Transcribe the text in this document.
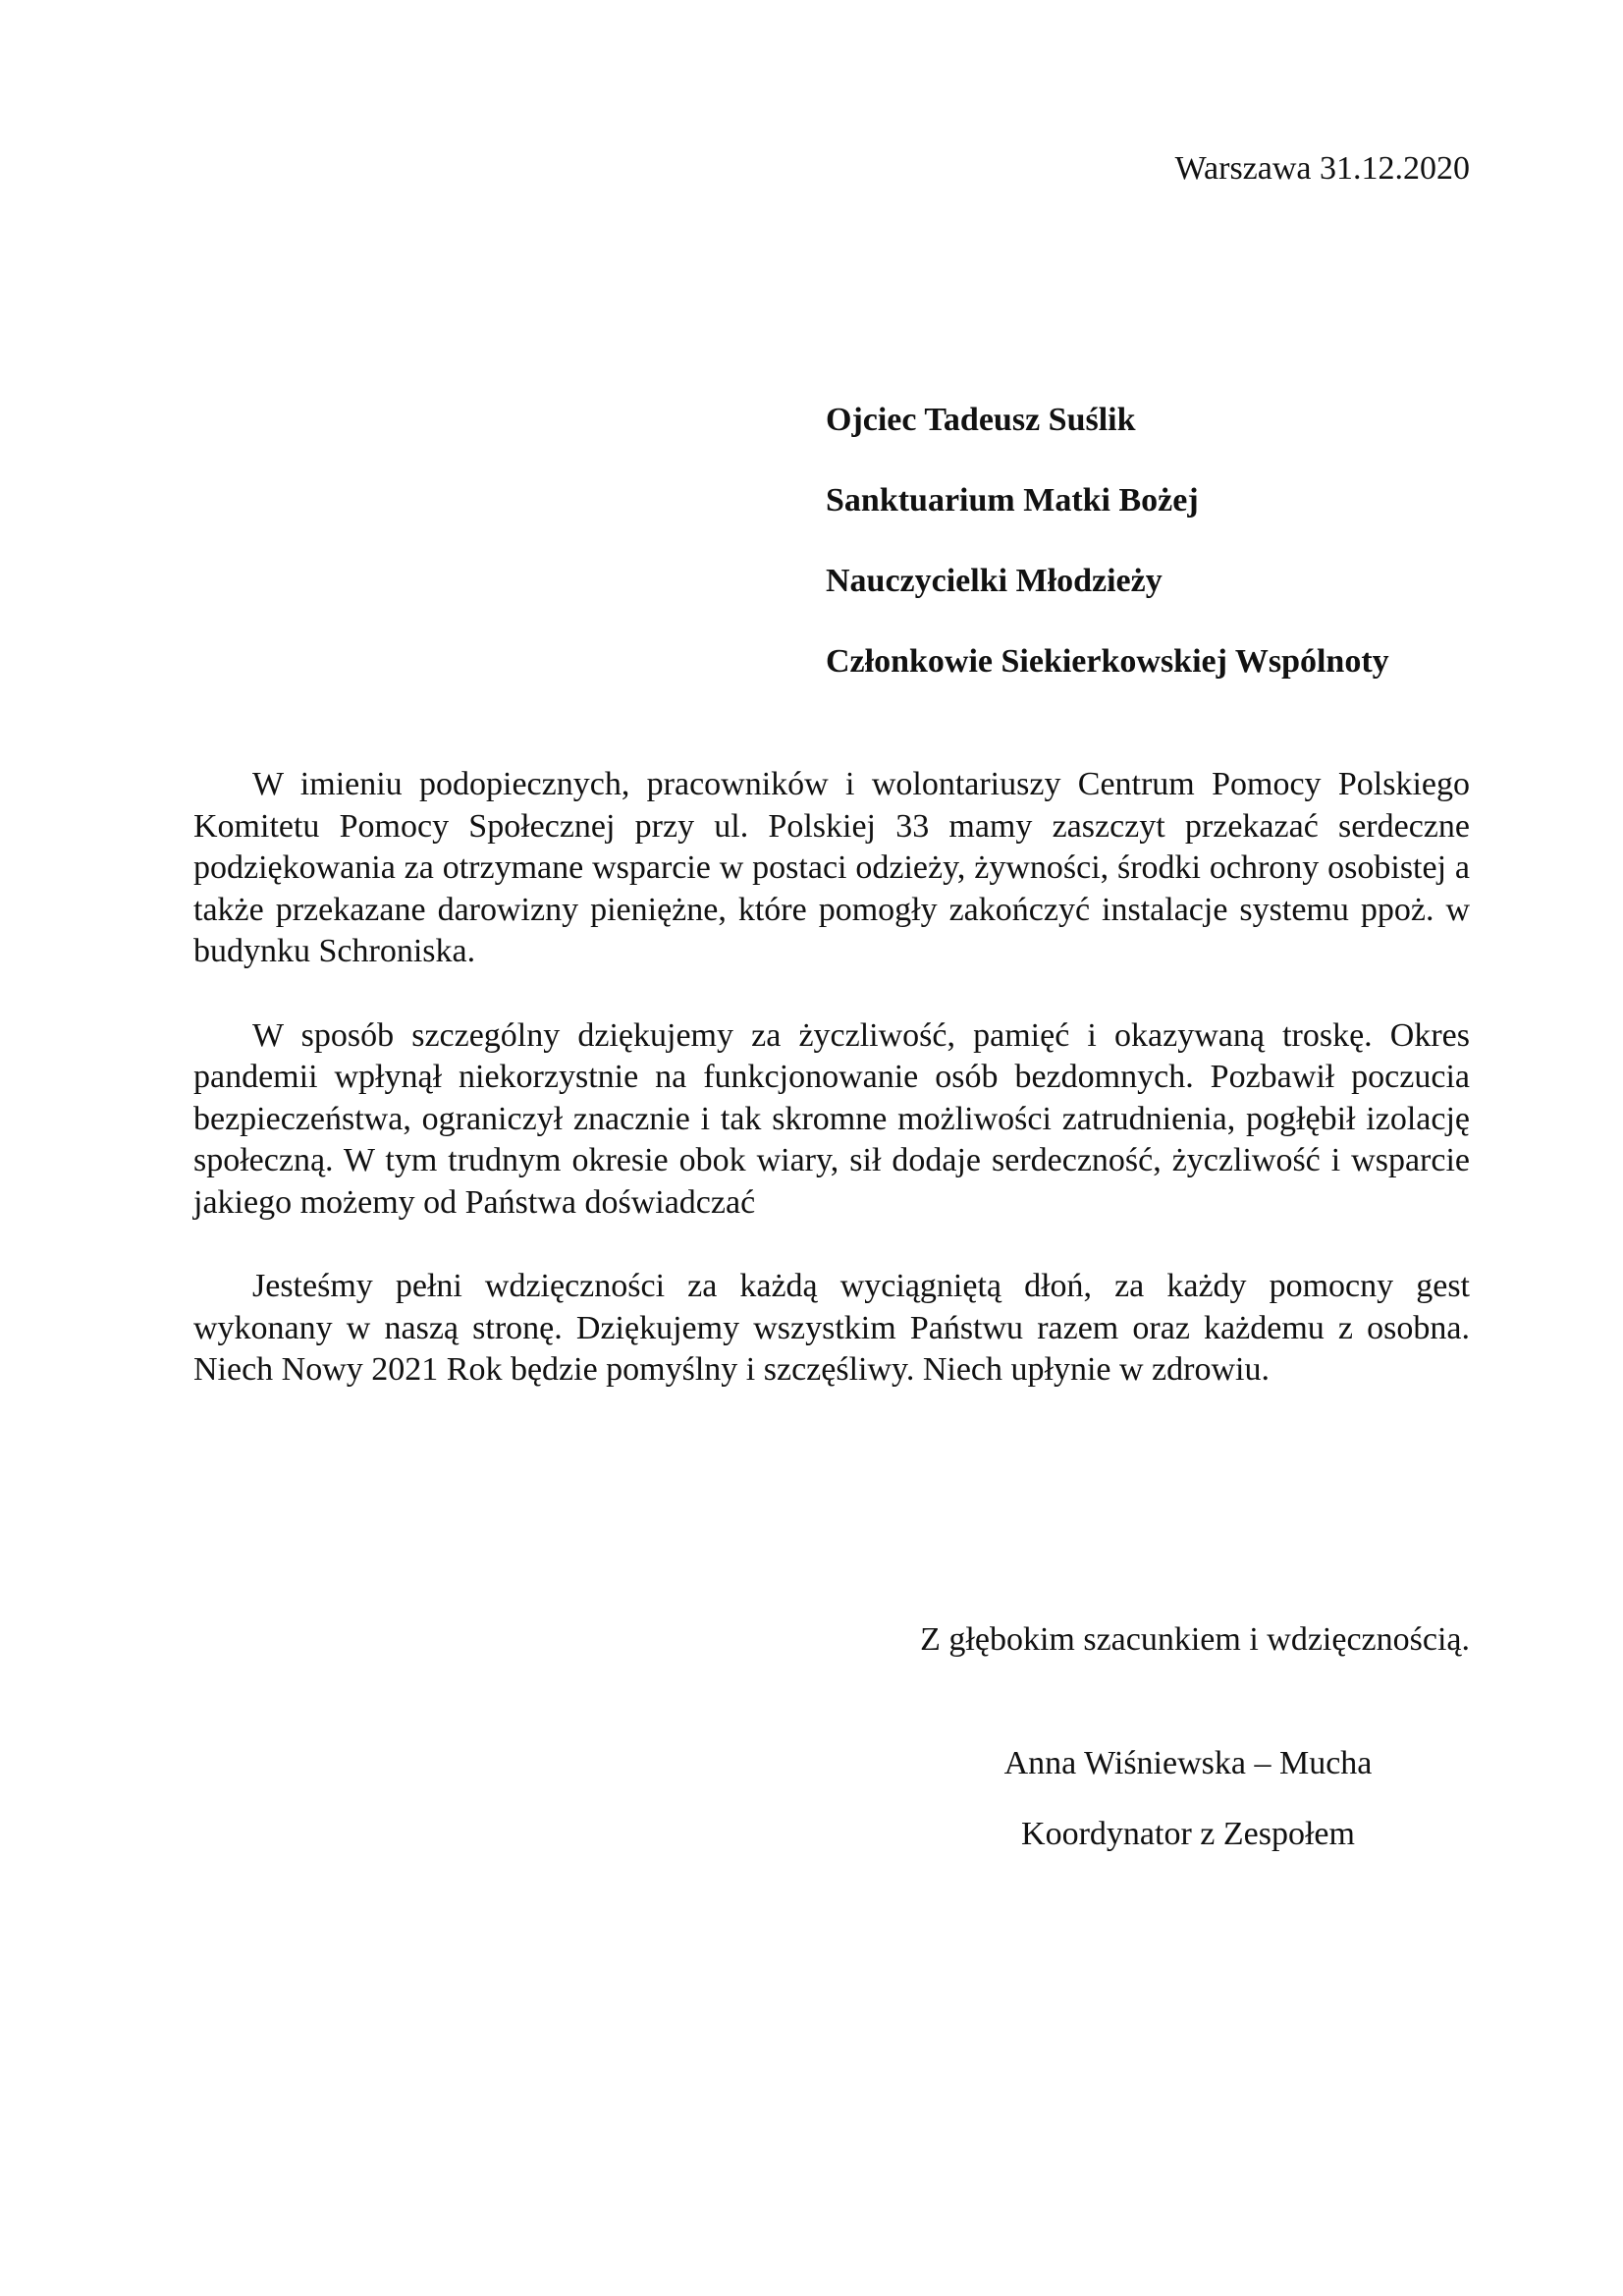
Warszawa 31.12.2020
Ojciec Tadeusz Suślik
Sanktuarium Matki Bożej
Nauczycielki Młodzieży
Członkowie Siekierkowskiej Wspólnoty

W imieniu podopiecznych, pracowników i wolontariuszy Centrum Pomocy Polskiego Komitetu Pomocy Społecznej przy ul. Polskiej 33 mamy zaszczyt przekazać serdeczne podziękowania za otrzymane wsparcie w postaci odzieży, żywności, środki ochrony osobistej a także przekazane darowizny pieniężne, które pomogły zakończyć instalacje systemu ppoż. w budynku Schroniska.

W sposób szczególny dziękujemy za życzliwość, pamięć i okazywaną troskę. Okres pandemii wpłynął niekorzystnie na funkcjonowanie osób bezdomnych. Pozbawił poczucia bezpieczeństwa, ograniczył znacznie i tak skromne możliwości zatrudnienia, pogłębił izolację społeczną. W tym trudnym okresie obok wiary, sił dodaje serdeczność, życzliwość i wsparcie jakiego możemy od Państwa doświadczać

Jesteśmy pełni wdzięczności za każdą wyciągniętą dłoń, za każdy pomocny gest wykonany w naszą stronę. Dziękujemy wszystkim Państwu razem oraz każdemu z osobna. Niech Nowy 2021 Rok będzie pomyślny i szczęśliwy. Niech upłynie w zdrowiu.

Z głębokim szacunkiem i wdzięcznością.
Anna Wiśniewska – Mucha
Koordynator z Zespołem
